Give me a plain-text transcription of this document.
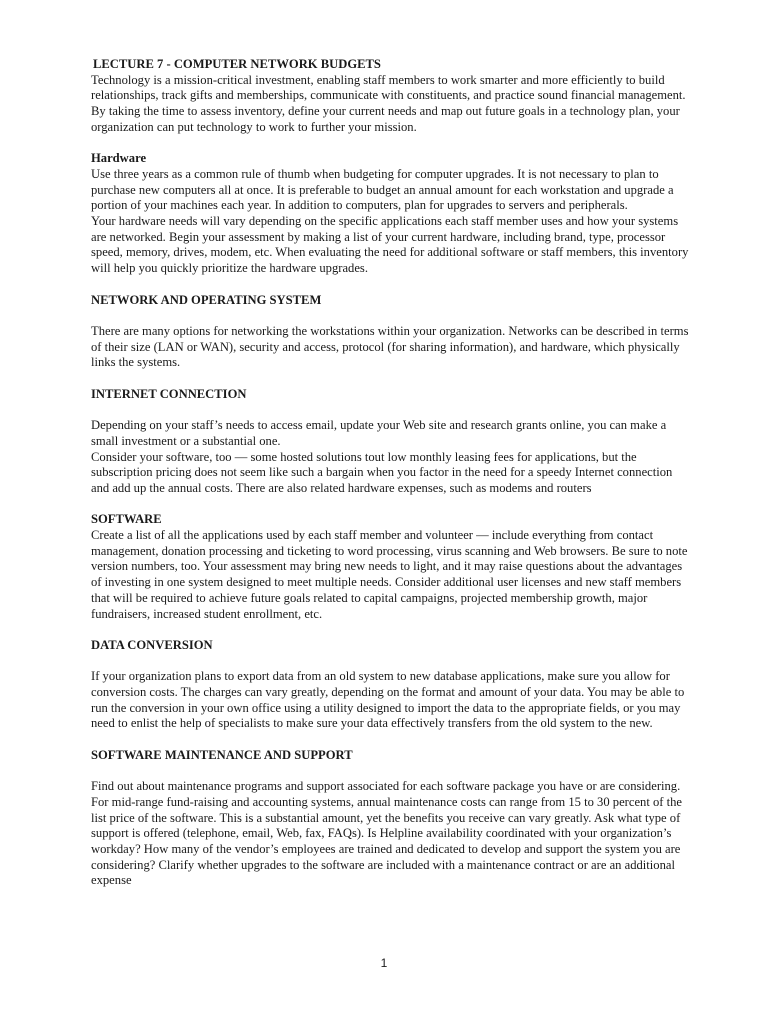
LECTURE 7 - COMPUTER NETWORK BUDGETS

Technology is a mission-critical investment, enabling staff members to work smarter and more efficiently to build relationships, track gifts and memberships, communicate with constituents, and practice sound financial management. By taking the time to assess inventory, define your current needs and map out future goals in a technology plan, your organization can put technology to work to further your mission.

Hardware

Use three years as a common rule of thumb when budgeting for computer upgrades. It is not necessary to plan to purchase new computers all at once. It is preferable to budget an annual amount for each workstation and upgrade a portion of your machines each year. In addition to computers, plan for upgrades to servers and peripherals.

Your hardware needs will vary depending on the specific applications each staff member uses and how your systems are networked. Begin your assessment by making a list of your current hardware, including brand, type, processor speed, memory, drives, modem, etc. When evaluating the need for additional software or staff members, this inventory will help you quickly prioritize the hardware upgrades.

NETWORK AND OPERATING SYSTEM

There are many options for networking the workstations within your organization. Networks can be described in terms of their size (LAN or WAN), security and access, protocol (for sharing information), and hardware, which physically links the systems.

INTERNET CONNECTION

Depending on your staff’s needs to access email, update your Web site and research grants online, you can make a small investment or a substantial one.

Consider your software, too — some hosted solutions tout low monthly leasing fees for applications, but the subscription pricing does not seem like such a bargain when you factor in the need for a speedy Internet connection and add up the annual costs. There are also related hardware expenses, such as modems and routers

SOFTWARE

Create a list of all the applications used by each staff member and volunteer — include everything from contact management, donation processing and ticketing to word processing, virus scanning and Web browsers. Be sure to note version numbers, too. Your assessment may bring new needs to light, and it may raise questions about the advantages of investing in one system designed to meet multiple needs. Consider additional user licenses and new staff members that will be required to achieve future goals related to capital campaigns, projected membership growth, major fundraisers, increased student enrollment, etc.

DATA CONVERSION

If your organization plans to export data from an old system to new database applications, make sure you allow for conversion costs. The charges can vary greatly, depending on the format and amount of your data. You may be able to run the conversion in your own office using a utility designed to import the data to the appropriate fields, or you may need to enlist the help of specialists to make sure your data effectively transfers from the old system to the new.

SOFTWARE MAINTENANCE AND SUPPORT

Find out about maintenance programs and support associated for each software package you have or are considering. For mid-range fund-raising and accounting systems, annual maintenance costs can range from 15 to 30 percent of the list price of the software. This is a substantial amount, yet the benefits you receive can vary greatly. Ask what type of support is offered (telephone, email, Web, fax, FAQs). Is Helpline availability coordinated with your organization’s workday? How many of the vendor’s employees are trained and dedicated to develop and support the system you are considering? Clarify whether upgrades to the software are included with a maintenance contract or are an additional expense

1
